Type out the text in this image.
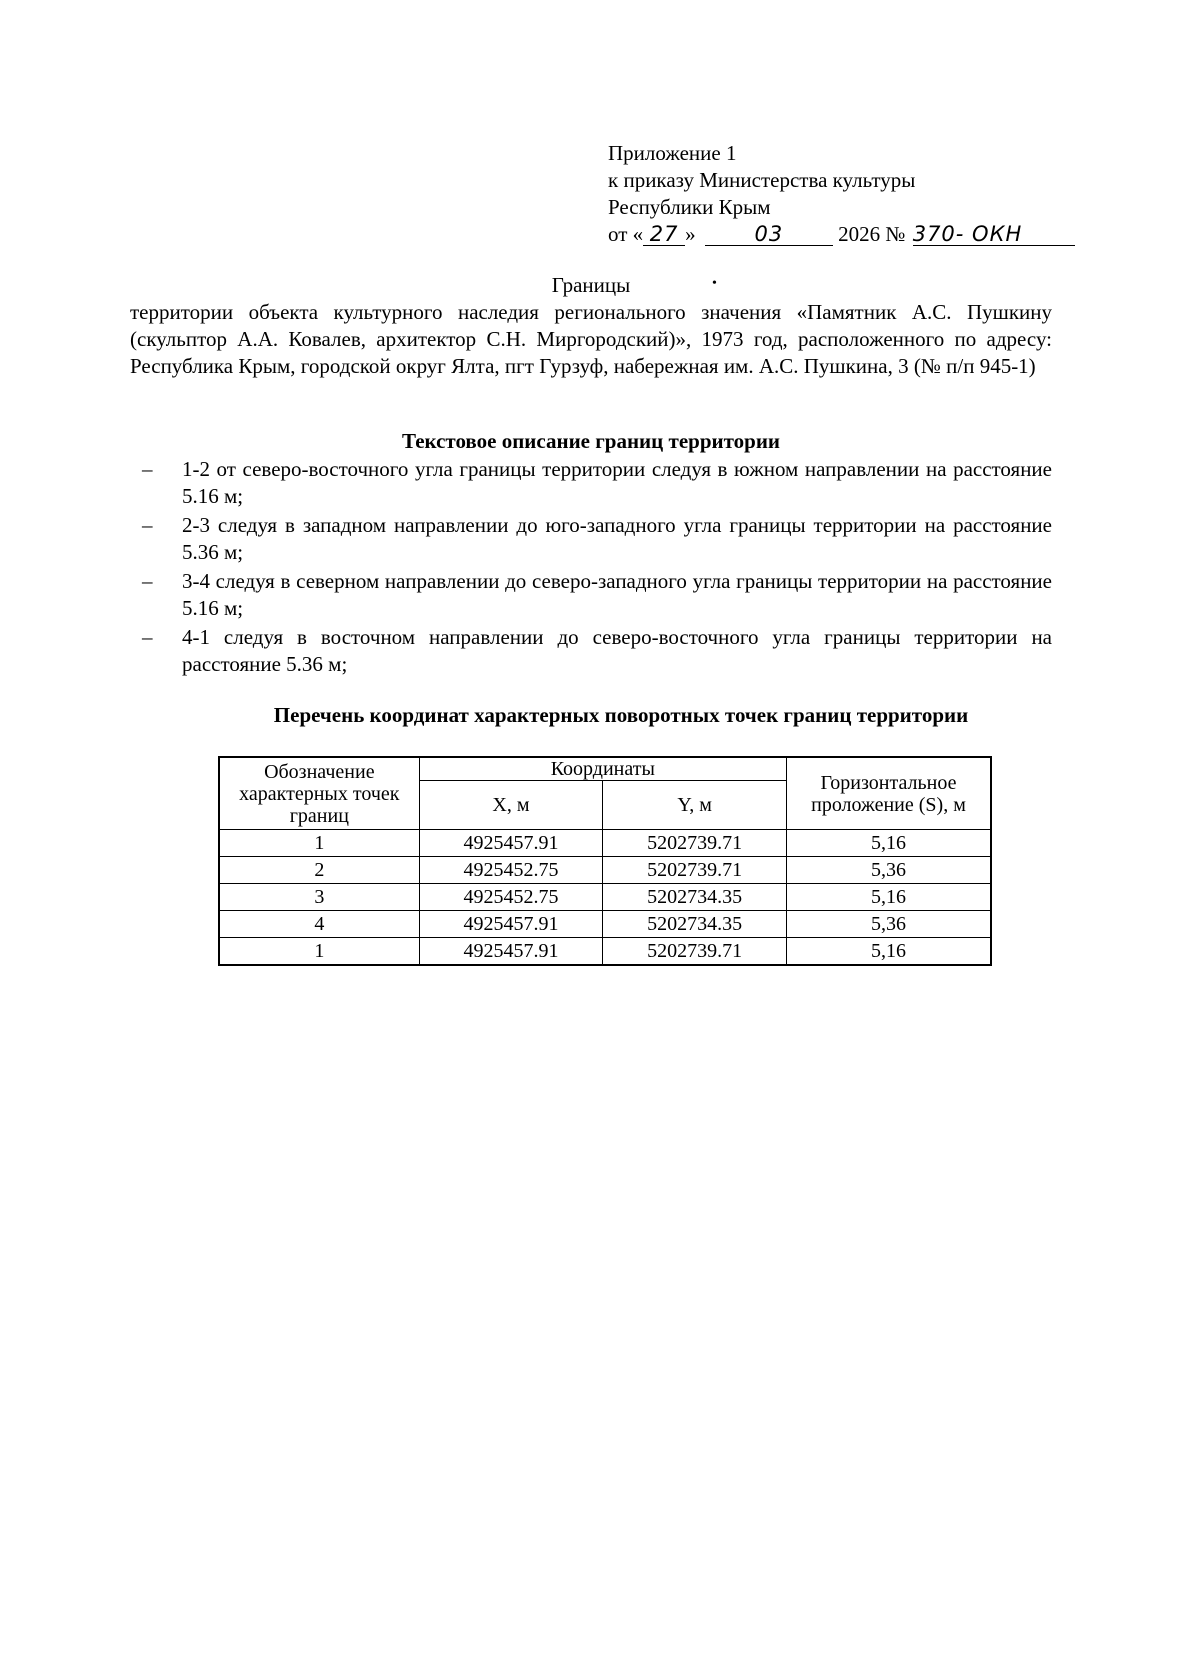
Приложение 1
к приказу Министерства культуры
Республики Крым
от « 27 »	03	2026 № 370- ОКН
Границы	•
территории объекта культурного наследия регионального значения «Памятник А.С. Пушкину (скульптор А.А. Ковалев, архитектор С.Н. Миргородский)», 1973 год, расположенного по адресу: Республика Крым, городской округ Ялта, пгт Гурзуф, набережная им. А.С. Пушкина, 3 (№ п/п 945-1)
Текстовое описание границ территории
– 1-2 от северо-восточного угла границы территории следуя в южном направлении на расстояние 5.16 м;
– 2-3 следуя в западном направлении до юго-западного угла границы территории на расстояние 5.36 м;
– 3-4 следуя в северном направлении до северо-западного угла границы территории на расстояние 5.16 м;
– 4-1 следуя в восточном направлении до северо-восточного угла границы территории на расстояние 5.36 м;
Перечень координат характерных поворотных точек границ территории
Обозначение характерных точек границ	Координаты		Горизонтальное проложение (S), м
	X, м	Y, м	
1	4925457.91	5202739.71	5,16
2	4925452.75	5202739.71	5,36
3	4925452.75	5202734.35	5,16
4	4925457.91	5202734.35	5,36
1	4925457.91	5202739.71	5,16
